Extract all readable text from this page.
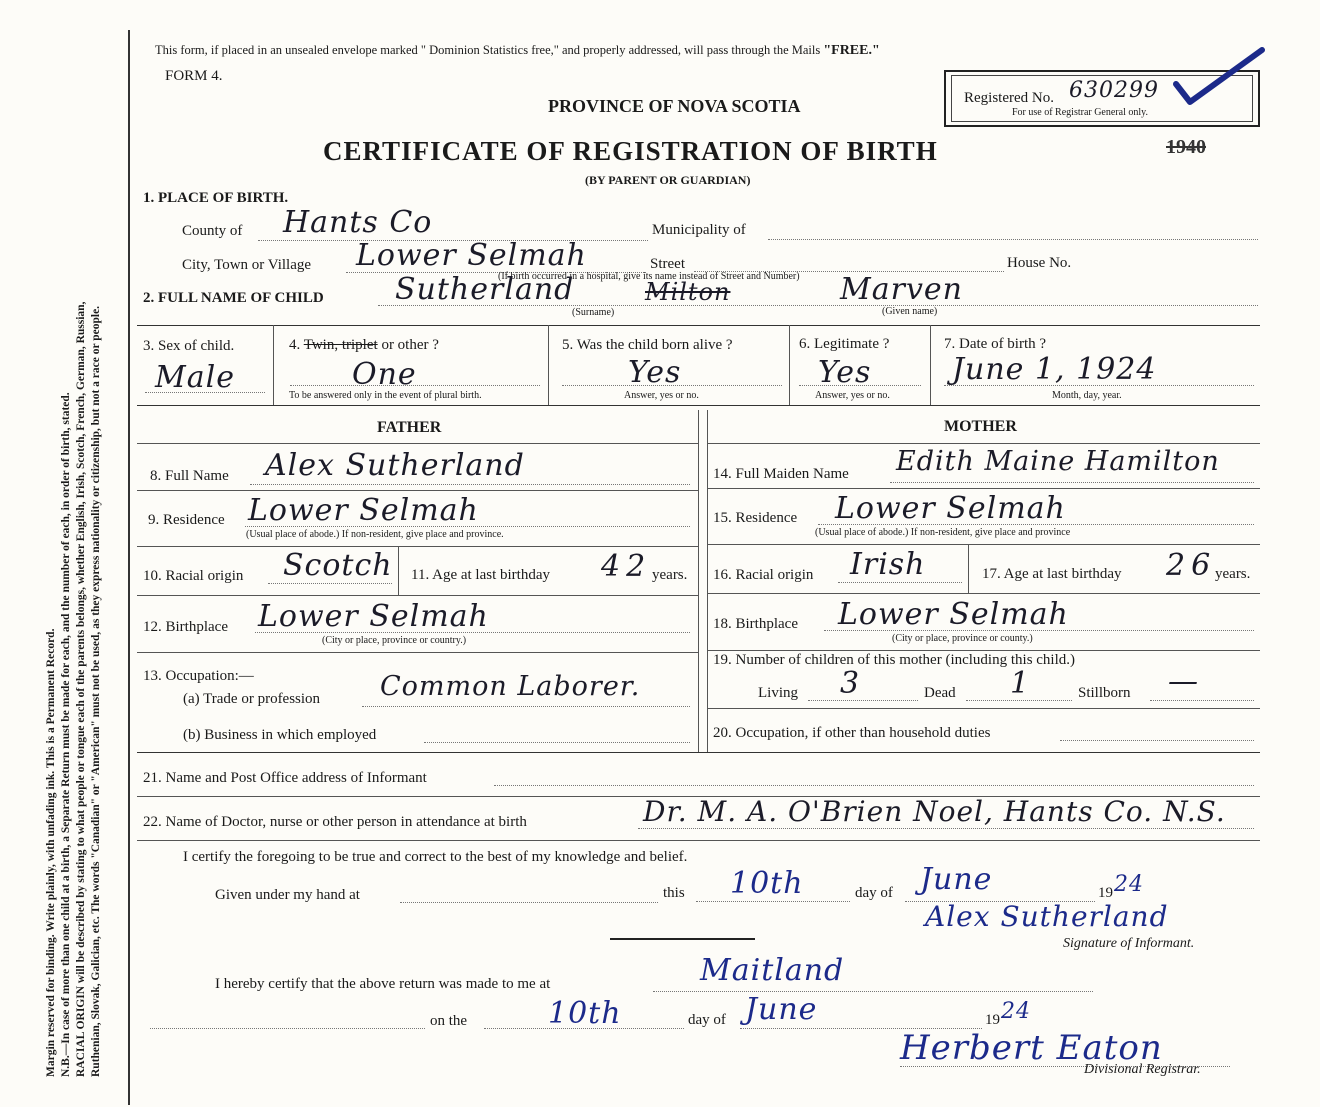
Margin reserved for binding. Write plainly, with unfading ink. This is a Permanent Record. N.B.—In case of more than one child at a birth, a Separate Return must be made for each, and the number of each, in order of birth, stated. RACIAL ORIGIN will be described by stating to what people or tongue each of the parents belongs, whether English, Irish, Scotch, French, German, Russian, Ruthenian, Slovak, Galician, etc. The words "Canadian" or "American" must not be used, as they express nationality or citizenship, but not a race or people.
This form, if placed in an unsealed envelope marked " Dominion Statistics free," and properly addressed, will pass through the Mails "FREE."
FORM 4.
PROVINCE OF NOVA SCOTIA
CERTIFICATE OF REGISTRATION OF BIRTH
(BY PARENT OR GUARDIAN)
Registered No. 630299
For use of Registrar General only.
1940
1. PLACE OF BIRTH.
County of Hants Co	Municipality of
City, Town or Village Lower Selmah	Street	House No.
(If birth occurred in a hospital, give its name instead of Street and Number)
2. FULL NAME OF CHILD Sutherland	Milton	Marven
(Surname)	(Given name)
3. Sex of child.
Male
4. Twin, triplet or other ?
One
To be answered only in the event of plural birth.
5. Was the child born alive ?
Yes
Answer, yes or no.
6. Legitimate ?
Yes
Answer, yes or no.
7. Date of birth ?
June 1, 1924
Month, day, year.
FATHER	MOTHER
8. Full Name Alex Sutherland	14. Full Maiden Name Edith Maine Hamilton
9. Residence Lower Selmah
(Usual place of abode.) If non-resident, give place and province.
15. Residence Lower Selmah
(Usual place of abode.) If non-resident, give place and province
10. Racial origin Scotch 11. Age at last birthday 42 years. 16. Racial origin Irish	17. Age at last birthday 26
years.
12. Birthplace Lower Selmah
(City or place, province or country.)
18. Birthplace Lower Selmah
(City or place, province or county.)
13. Occupation:—
(a) Trade or profession Common Laborer.
(b) Business in which employed
19. Number of children of this mother (including this child.)
Living 3	Dead 1	Stillborn —
20. Occupation, if other than household duties
21. Name and Post Office address of Informant
22. Name of Doctor, nurse or other person in attendance at birth	Dr. M. A. O'Brien Noel, Hants Co. N.S.
I certify the foregoing to be true and correct to the best of my knowledge and belief.
Given under my hand at	this 10th	day of June	19 24
Alex Sutherland
Signature of Informant.
I hereby certify that the above return was made to me at	Maitland
on the	10th	day of June	19 24
Herbert Eaton
Divisional Registrar.
